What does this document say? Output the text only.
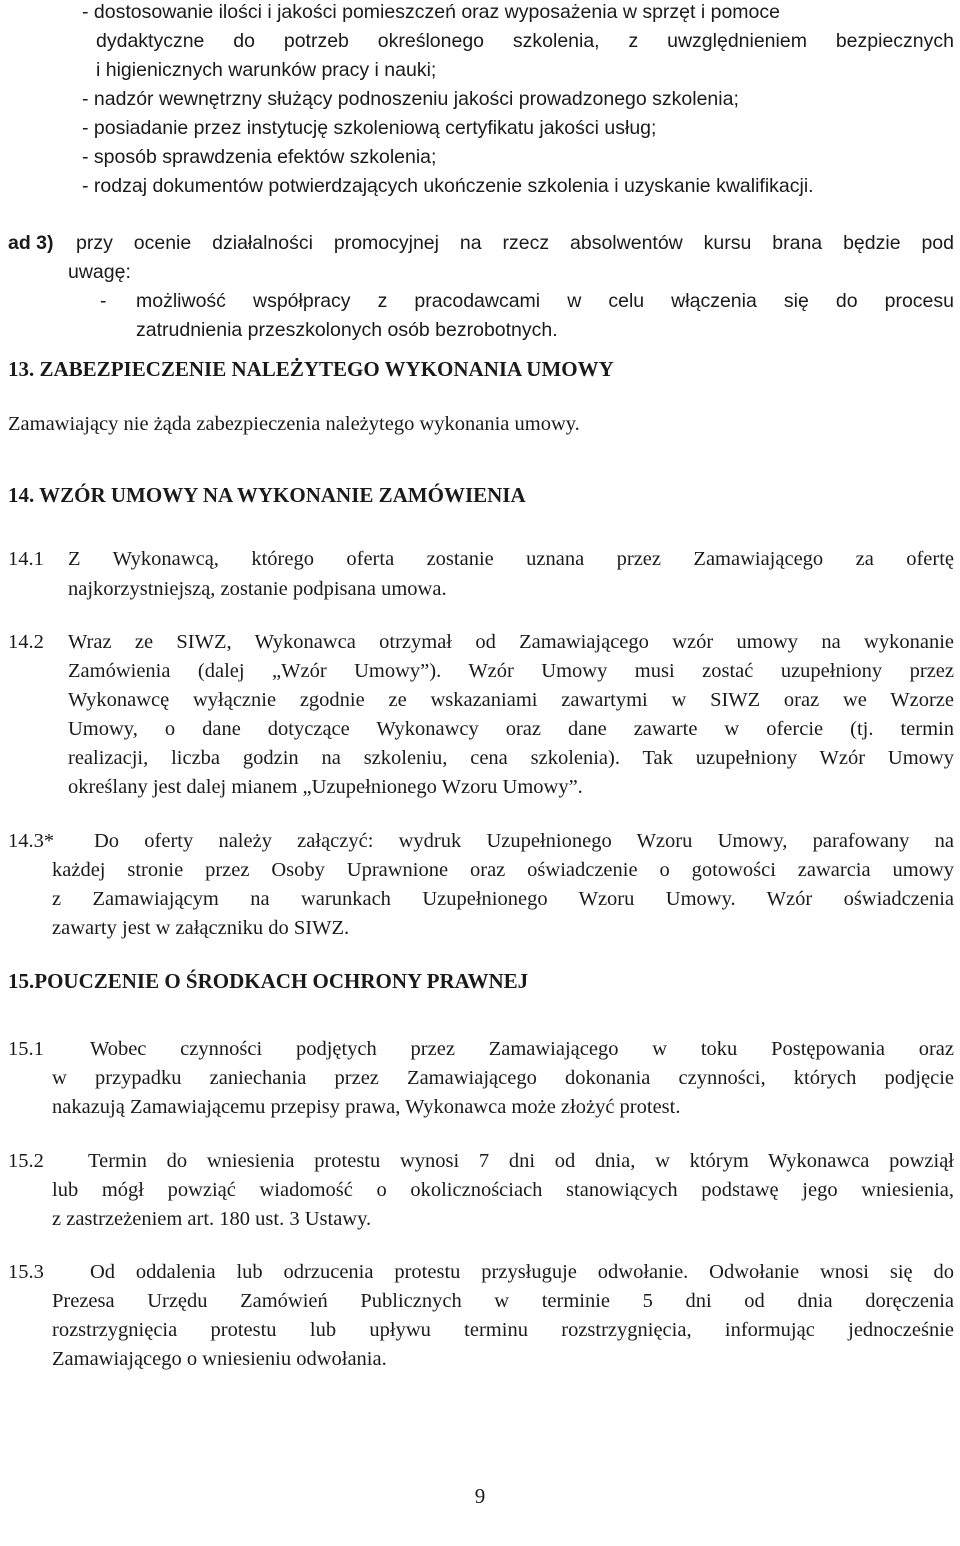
- dostosowanie ilości i jakości pomieszczeń oraz wyposażenia w sprzęt i pomoce
dydaktyczne do potrzeb określonego szkolenia, z uwzględnieniem bezpiecznych
i higienicznych warunków pracy i nauki;
- nadzór wewnętrzny służący podnoszeniu jakości prowadzonego szkolenia;
- posiadanie przez instytucję szkoleniową certyfikatu jakości usług;
- sposób sprawdzenia efektów szkolenia;
- rodzaj dokumentów potwierdzających ukończenie szkolenia i uzyskanie kwalifikacji.
ad 3) przy ocenie działalności promocyjnej na rzecz absolwentów kursu brana będzie pod
uwagę:
- możliwość współpracy z pracodawcami w celu włączenia się do procesu
zatrudnienia przeszkolonych osób bezrobotnych.
13. ZABEZPIECZENIE NALEŻYTEGO WYKONANIA UMOWY
Zamawiający nie żąda zabezpieczenia należytego wykonania umowy.
14. WZÓR UMOWY NA WYKONANIE ZAMÓWIENIA
14.1 Z Wykonawcą, którego oferta zostanie uznana przez Zamawiającego za ofertę
najkorzystniejszą, zostanie podpisana umowa.
14.2 Wraz ze SIWZ, Wykonawca otrzymał od Zamawiającego wzór umowy na wykonanie
Zamówienia (dalej „Wzór Umowy”). Wzór Umowy musi zostać uzupełniony przez
Wykonawcę wyłącznie zgodnie ze wskazaniami zawartymi w SIWZ oraz we Wzorze
Umowy, o dane dotyczące Wykonawcy oraz dane zawarte w ofercie (tj. termin
realizacji, liczba godzin na szkoleniu, cena szkolenia). Tak uzupełniony Wzór Umowy
określany jest dalej mianem „Uzupełnionego Wzoru Umowy”.
14.3* Do oferty należy załączyć: wydruk Uzupełnionego Wzoru Umowy, parafowany na
każdej stronie przez Osoby Uprawnione oraz oświadczenie o gotowości zawarcia umowy
z Zamawiającym na warunkach Uzupełnionego Wzoru Umowy. Wzór oświadczenia
zawarty jest w załączniku do SIWZ.
15.POUCZENIE O ŚRODKACH OCHRONY PRAWNEJ
15.1 Wobec czynności podjętych przez Zamawiającego w toku Postępowania oraz
w przypadku zaniechania przez Zamawiającego dokonania czynności, których podjęcie
nakazują Zamawiającemu przepisy prawa, Wykonawca może złożyć protest.
15.2 Termin do wniesienia protestu wynosi 7 dni od dnia, w którym Wykonawca powziął
lub mógł powziąć wiadomość o okolicznościach stanowiących podstawę jego wniesienia,
z zastrzeżeniem art. 180 ust. 3 Ustawy.
15.3 Od oddalenia lub odrzucenia protestu przysługuje odwołanie. Odwołanie wnosi się do
Prezesa Urzędu Zamówień Publicznych w terminie 5 dni od dnia doręczenia
rozstrzygnięcia protestu lub upływu terminu rozstrzygnięcia, informując jednocześnie
Zamawiającego o wniesieniu odwołania.
9
